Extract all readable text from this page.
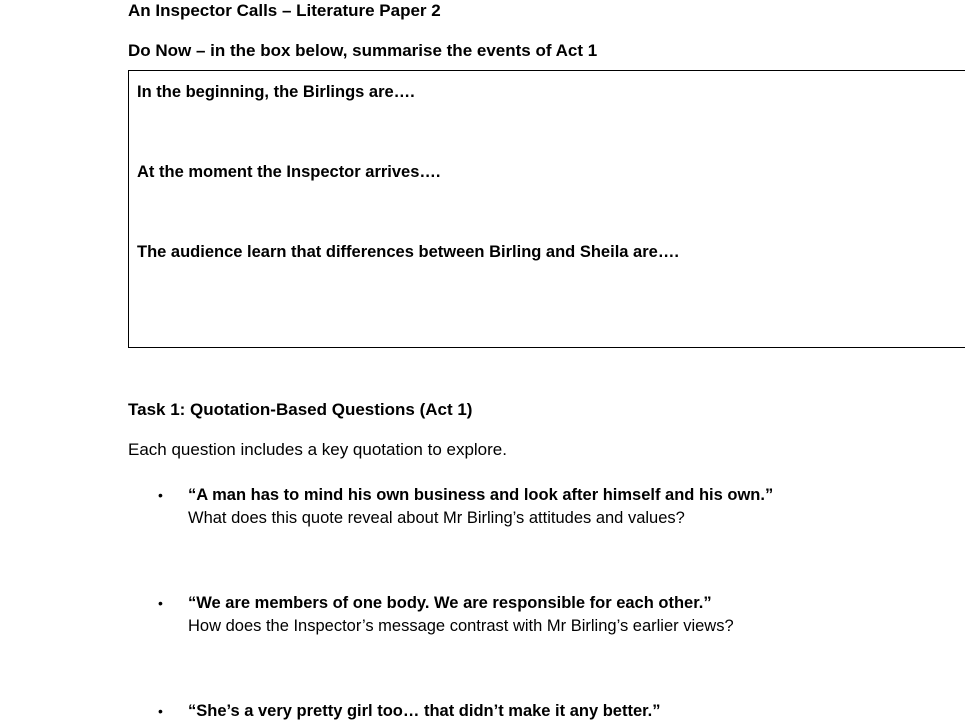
An Inspector Calls – Literature Paper 2
Do Now – in the box below, summarise the events of Act 1
In the beginning, the Birlings are….
At the moment the Inspector arrives….
The audience learn that differences between Birling and Sheila are….
Task 1: Quotation-Based Questions (Act 1)
Each question includes a key quotation to explore.
• “A man has to mind his own business and look after himself and his own.”
What does this quote reveal about Mr Birling’s attitudes and values?
• “We are members of one body. We are responsible for each other.”
How does the Inspector’s message contrast with Mr Birling’s earlier views?
• “She’s a very pretty girl too… that didn’t make it any better.”
